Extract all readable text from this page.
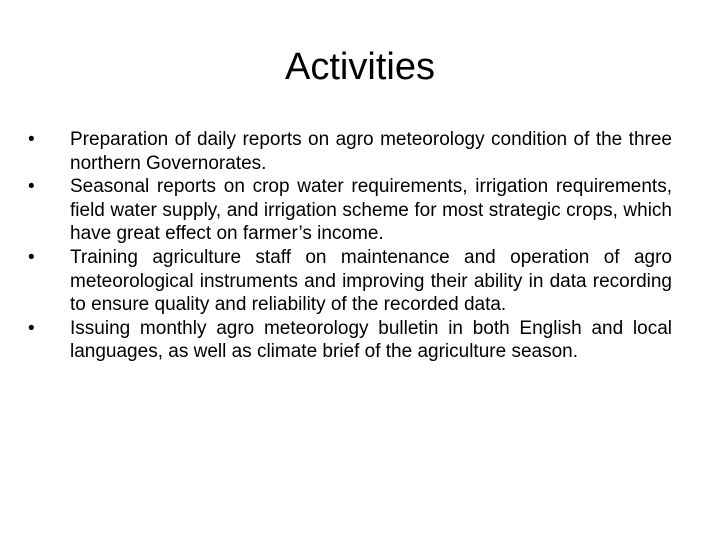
Activities
•	Preparation of daily reports on agro meteorology condition of the three northern Governorates.
•	Seasonal reports on crop water requirements, irrigation requirements, field water supply, and irrigation scheme for most strategic crops, which have great effect on farmer’s income.
•	Training agriculture staff on maintenance and operation of agro meteorological instruments and improving their ability in data recording to ensure quality and reliability of the recorded data.
•	Issuing monthly agro meteorology bulletin in both English and local languages, as well as climate brief of the agriculture season.
